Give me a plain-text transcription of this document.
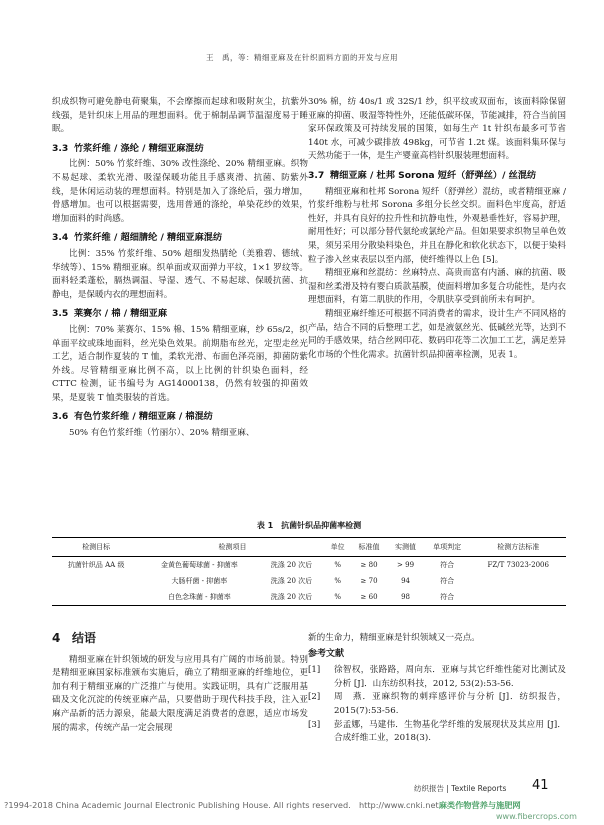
王　禹，等：精细亚麻及在针织面料方面的开发与应用

织成织物可避免静电荷聚集，不会摩擦而起球和吸附灰尘，抗紫外线强，是针织床上用品的理想面料。优于棉制品调节温湿度易于睡眠。

3.3 竹浆纤维 / 涤纶 / 精细亚麻混纺

比例：50% 竹浆纤维、30% 改性涤纶、20% 精细亚麻。织物不易起球、柔软光滑、吸湿保暖功能且手感爽滑、抗菌、防紫外线，是休闲运动装的理想面料。特别是加入了涤纶后，强力增加，骨感增加。也可以根据需要，选用普通的涤纶，单染花纱的效果，增加面料的时尚感。

3.4 竹浆纤维 / 超细腈纶 / 精细亚麻混纺

比例：35% 竹浆纤维、50% 超细发热腈纶（美雅碧、德绒、华绒等）、15% 精细亚麻。织单面或双面弹力平纹，1×1 罗纹等。面料轻柔蓬松，膈热调温、导湿、透气、不易起球、保暖抗菌、抗静电，是保暖内衣的理想面料。

3.5 莱赛尔 / 棉 / 精细亚麻

比例：70% 莱赛尔、15% 棉、15% 精细亚麻，纱 65s/2，织单面平纹或珠地面料，丝光染色效果。前期脂布丝光，定型走丝光工艺，适合制作夏装的 T 恤，柔软光滑、布面色泽亮丽，抑菌防紫外线。尽管精细亚麻比例不高，以上比例的针织染色面料，经 CTTC 检测，证书编号为 AG14000138，仍然有较强的抑菌效果，是夏装 T 恤类服装的首选。

3.6 有色竹浆纤维 / 精细亚麻 / 棉混纺

50% 有色竹浆纤维（竹丽尔）、20% 精细亚麻、

30% 棉，纺 40s/1 或 32S/1 纱，织平纹或双面布，该面料除保留亚麻的抑菌、吸湿等特性外，还能低碳环保，节能减排，符合当前国家环保政策及可持续发展的国策，如每生产 1t 针织布最多可节省 140t 水，可减少碳排放 498kg，可节省 1.2t 煤。该面料集环保与天然功能于一体，是生产婴童高档针织服装理想面料。

3.7 精细亚麻 / 杜邦 Sorona 短纤（舒弹丝）/ 丝混纺

精细亚麻和杜邦 Sorona 短纤（舒弹丝）混纺，或者精细亚麻 / 竹浆纤维粉与杜邦 Sorona 多组分长丝交织。面料色牢度高，舒适性好，并具有良好的拉升性和抗静电性，外观悬垂性好，容易护理，耐用性好；可以部分替代氨纶或氯纶产品。但如果要求织物呈单色效果，须另采用分散染料染色，并且在静化和软化状态下，以便于染料粒子渗入丝束表层以至内部，使纤维得以上色 [5]。

精细亚麻和丝混纺：丝麻特点、高贵而富有内涵、麻的抗菌、吸湿和丝柔滑及特有婴白质款基膜，使面料增加多复合功能性，是内衣理想面料，有第二肌肤的作用，令肌肤享受到前所未有呵护。

精细亚麻纤维还可根据不同消费者的需求，设计生产不同风格的产品，结合不同的后整理工艺，如是液氨丝光、低碱丝光等，达到不同的手感效果，结合丝网印花、数码印花等二次加工工艺，满足差异化市场的个性化需求。抗菌针织品抑菌率检测，见表 1。

表 1　抗菌针织品抑菌率检测
检测目标	检测项目		单位	标准值	实测值	单项判定	检测方法标准
抗菌针织品 AA 级	金黄色葡萄球菌 - 抑菌率	洗涤 20 次后	%	≥ 80	> 99	符合	FZ/T 73023-2006
	大肠杆菌 - 抑菌率	洗涤 20 次后	%	≥ 70	94	符合	
	白色念珠菌 - 抑菌率	洗涤 20 次后	%	≥ 60	98	符合	
4 结语

精细亚麻在针织领域的研发与应用具有广阔的市场前景。特别是精细亚麻国家标准颁布实施后，确立了精细亚麻的纤维地位，更加有利于精细亚麻的广泛推广与使用。实践证明，具有广泛服用基础及文化沉淀的传统亚麻产品，只要借助于现代科技手段，注入亚麻产品新的活力源泉，能最大限度满足消费者的意愿，适应市场发展的需求，传统产品一定会展现

新的生命力，精细亚麻是针织领域又一亮点。

参考文献
[1]	徐智权，张路路，周向东．亚麻与其它纤维性能对比测试及分析 [J]．山东纺织科技，2012, 53(2):53-56.
[2]	周　燕．亚麻织物的刺痒感评价与分析 [J]．纺织报告，2015(7):53-56.
[3]	彭孟娜，马建伟．生物基化学纤维的发展现状及其应用 [J]．合成纤维工业，2018(3).
纺织报告 | Textile Reports 41
?1994-2018 China Academic Journal Electronic Publishing House. All rights reserved.　http://www.cnki.net麻类作物营养与施肥网
www.fibercrops.com
